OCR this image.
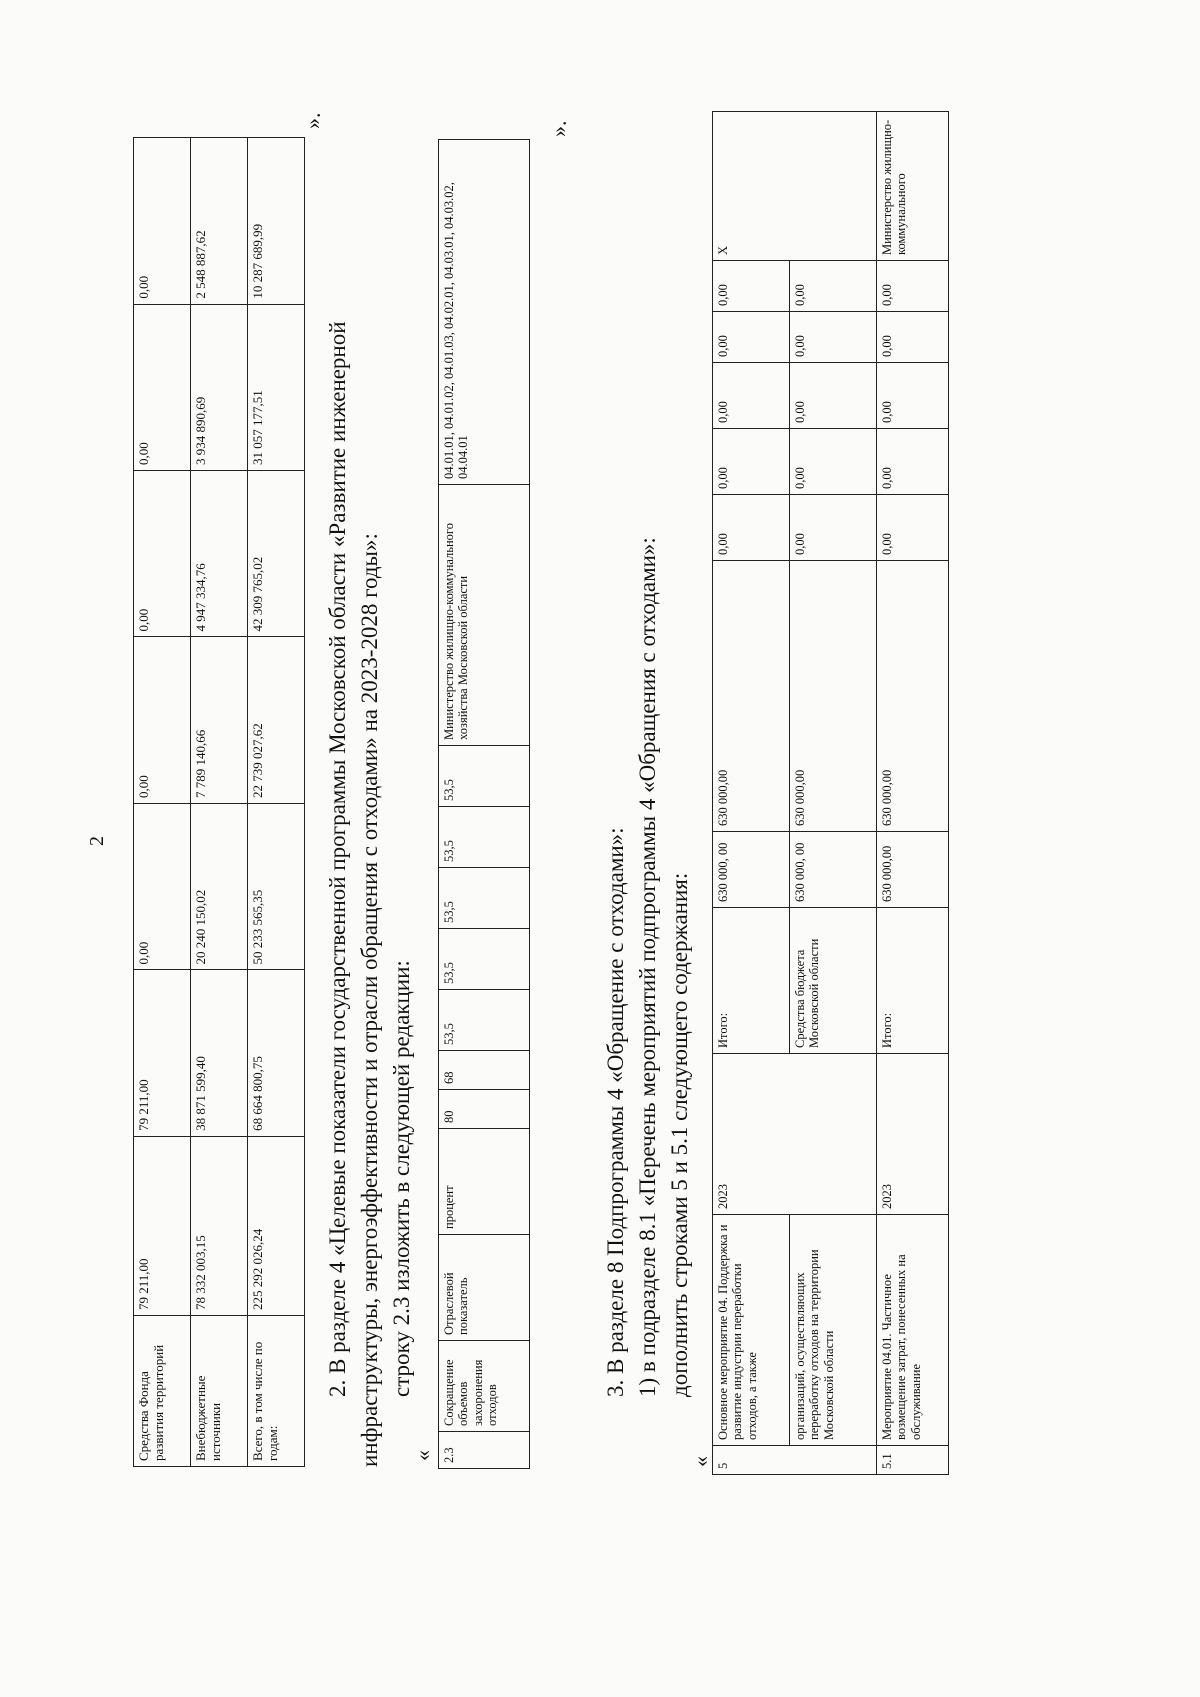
2
Средства Фонда развития территорий	79 211,00	79 211,00	0,00	0,00	0,00	0,00	0,00
Внебюджетные источники	78 332 003,15	38 871 599,40	20 240 150,02	7 789 140,66	4 947 334,76	3 934 890,69	2 548 887,62
Всего, в том числе по годам:	225 292 026,24	68 664 800,75	50 233 565,35	22 739 027,62	42 309 765,02	31 057 177,51	10 287 689,99
».
2. В разделе 4 «Целевые показатели государственной программы Московской области «Развитие инженерной инфраструктуры, энергоэффективности и отрасли обращения с отходами» на 2023-2028 годы»: строку 2.3 изложить в следующей редакции:
« 2.3	Сокращение объемов захоронения отходов	Отраслевой показатель	процент	80	68	53,5	53,5	53,5	53,5	53,5	Министерство жилищно-коммунального хозяйства Московской области	04.01.01, 04.01.02, 04.01.03, 04.02.01, 04.03.01, 04.03.02, 04.04.01
».
3. В разделе 8 Подпрограммы 4 «Обращение с отходами»: 1) в подразделе 8.1 «Перечень мероприятий подпрограммы 4 «Обращения с отходами»: дополнить строками 5 и 5.1 следующего содержания:
« 5	Основное мероприятие 04. Поддержка и развитие индустрии переработки отходов, а также	2023	Итого:	630 000, 00	630 000,00	0,00	0,00	0,00	0,00	0,00	Х
	организаций, осуществляющих переработку отходов на территории Московской области		Средства бюджета Московской области	630 000, 00	630 000,00	0,00	0,00	0,00	0,00	0,00	
5.1	Мероприятие 04.01. Частичное возмещение затрат, понесенных на обслуживание	2023	Итого:	630 000,00	630 000,00	0,00	0,00	0,00	0,00	0,00	Министерство жилищно-коммунального
